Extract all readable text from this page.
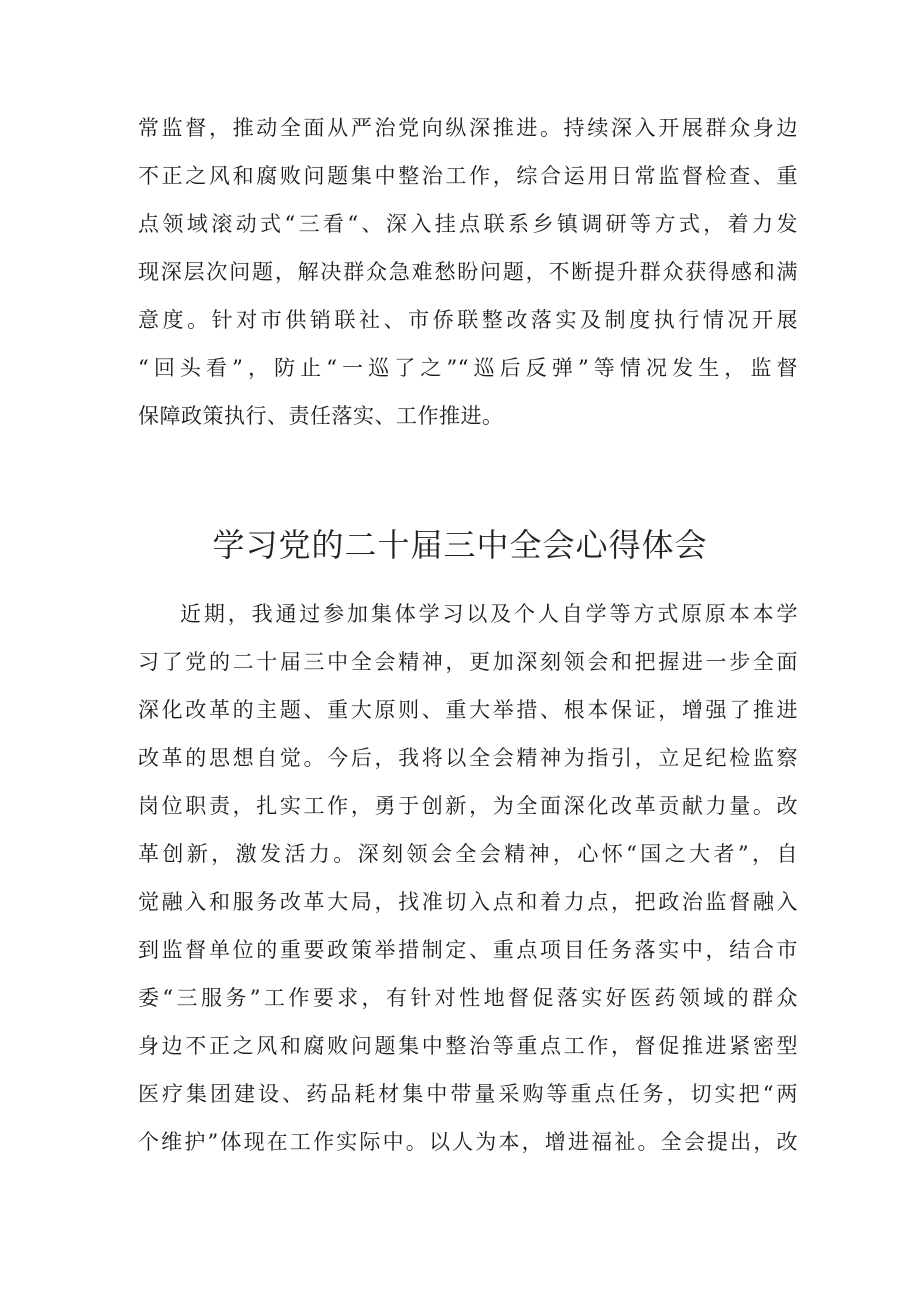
常监督，推动全面从严治党向纵深推进。持续深入开展群众身边
不正之风和腐败问题集中整治工作，综合运用日常监督检查、重
点领域滚动式“三看“、深入挂点联系乡镇调研等方式，着力发
现深层次问题，解决群众急难愁盼问题，不断提升群众获得感和满
意度。针对市供销联社、市侨联整改落实及制度执行情况开展
“回头看”，防止“一巡了之”“巡后反弹”等情况发生，监督
保障政策执行、责任落实、工作推进。
学习党的二十届三中全会心得体会
近期，我通过参加集体学习以及个人自学等方式原原本本学
习了党的二十届三中全会精神，更加深刻领会和把握进一步全面
深化改革的主题、重大原则、重大举措、根本保证，增强了推进
改革的思想自觉。今后，我将以全会精神为指引，立足纪检监察
岗位职责，扎实工作，勇于创新，为全面深化改革贡献力量。改
革创新，激发活力。深刻领会全会精神，心怀“国之大者”，自
觉融入和服务改革大局，找准切入点和着力点，把政治监督融入
到监督单位的重要政策举措制定、重点项目任务落实中，结合市
委“三服务”工作要求，有针对性地督促落实好医药领域的群众
身边不正之风和腐败问题集中整治等重点工作，督促推进紧密型
医疗集团建设、药品耗材集中带量采购等重点任务，切实把“两
个维护”体现在工作实际中。以人为本，增进福祉。全会提出，改
